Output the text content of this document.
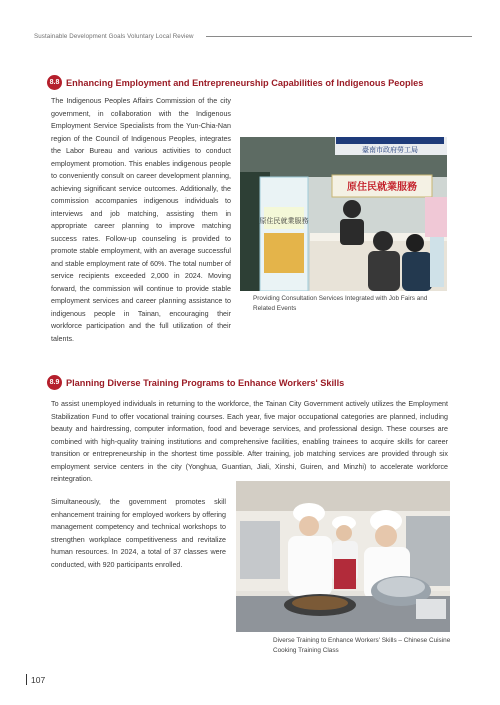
Sustainable Development Goals Voluntary Local Review
8.8 Enhancing Employment and Entrepreneurship Capabilities of Indigenous Peoples

The Indigenous Peoples Affairs Commission of the city government, in collaboration with the Indigenous Employment Service Specialists from the Yun-Chia-Nan region of the Council of Indigenous Peoples, integrates the Labor Bureau and various activities to conduct employment promotion. This enables indigenous people to conveniently consult on career development planning, achieving significant service outcomes. Additionally, the commission accompanies indigenous individuals to interviews and job matching, assisting them in appropriate career planning to improve matching success rates. Follow-up counseling is provided to promote stable employment, with an average successful and stable employment rate of 60%. The total number of service recipients exceeded 2,000 in 2024. Moving forward, the commission will continue to provide stable employment services and career planning assistance to indigenous people in Tainan, encouraging their workforce participation and the full utilization of their talents.

臺南市政府勞工局
原住民就業服務
原住民就業服務

Providing Consultation Services Integrated with Job Fairs and Related Events

8.9 Planning Diverse Training Programs to Enhance Workers' Skills

To assist unemployed individuals in returning to the workforce, the Tainan City Government actively utilizes the Employment Stabilization Fund to offer vocational training courses. Each year, five major occupational categories are planned, including beauty and hairdressing, computer information, food and beverage services, and professional design. These courses are combined with high-quality training institutions and comprehensive facilities, enabling trainees to acquire skills for career transition or entrepreneurship in the shortest time possible. After training, job matching services are provided through six employment service centers in the city (Yonghua, Guantian, Jiali, Xinshi, Guiren, and Minzhi) to accelerate workforce reintegration.

Simultaneously, the government promotes skill enhancement training for employed workers by offering management competency and technical workshops to strengthen workplace competitiveness and revitalize human resources. In 2024, a total of 37 classes were conducted, with 920 participants enrolled.

Diverse Training to Enhance Workers' Skills – Chinese Cuisine Cooking Training Class

107
